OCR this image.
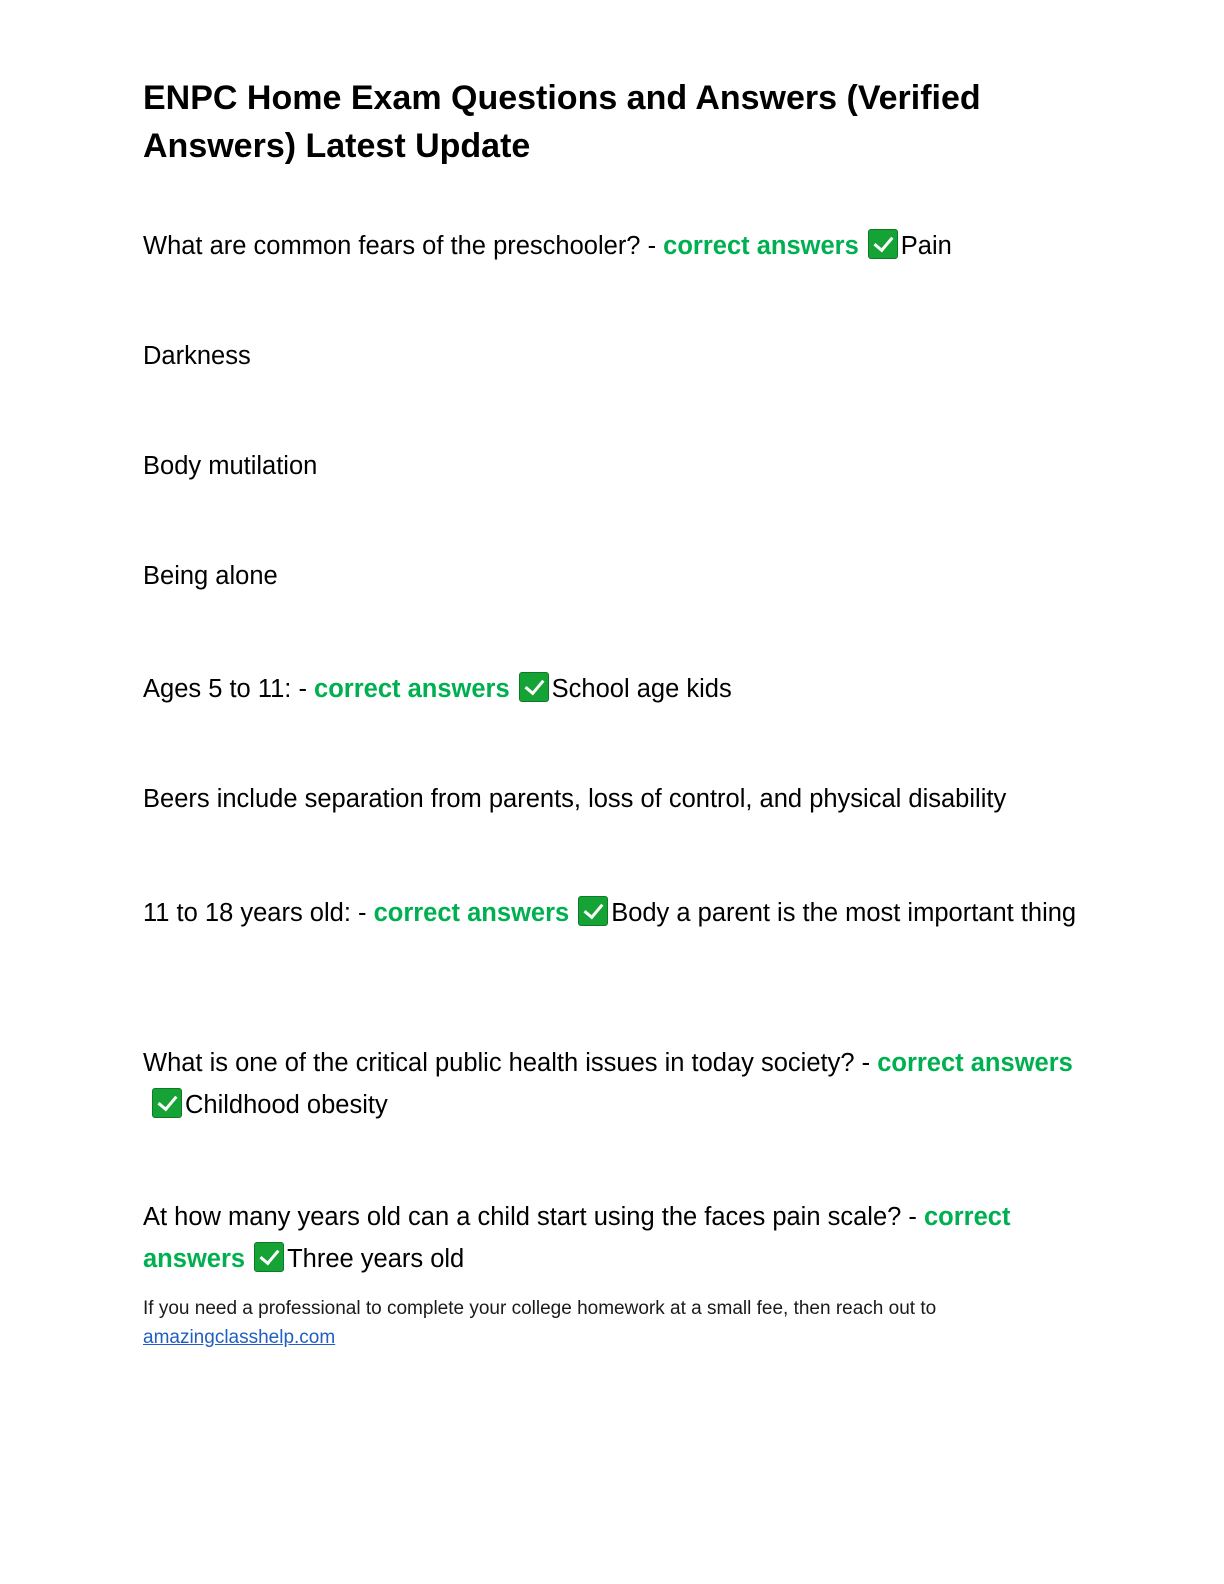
ENPC Home Exam Questions and Answers (Verified Answers) Latest Update

What are common fears of the preschooler? - correct answers Pain

Darkness

Body mutilation

Being alone

Ages 5 to 11: - correct answers School age kids

Beers include separation from parents, loss of control, and physical disability

11 to 18 years old: - correct answers Body a parent is the most important thing

What is one of the critical public health issues in today society? - correct answersChildhood obesity

At how many years old can a child start using the faces pain scale? - correct answers Three years old

If you need a professional to complete your college homework at a small fee, then reach out to amazingclasshelp.com
